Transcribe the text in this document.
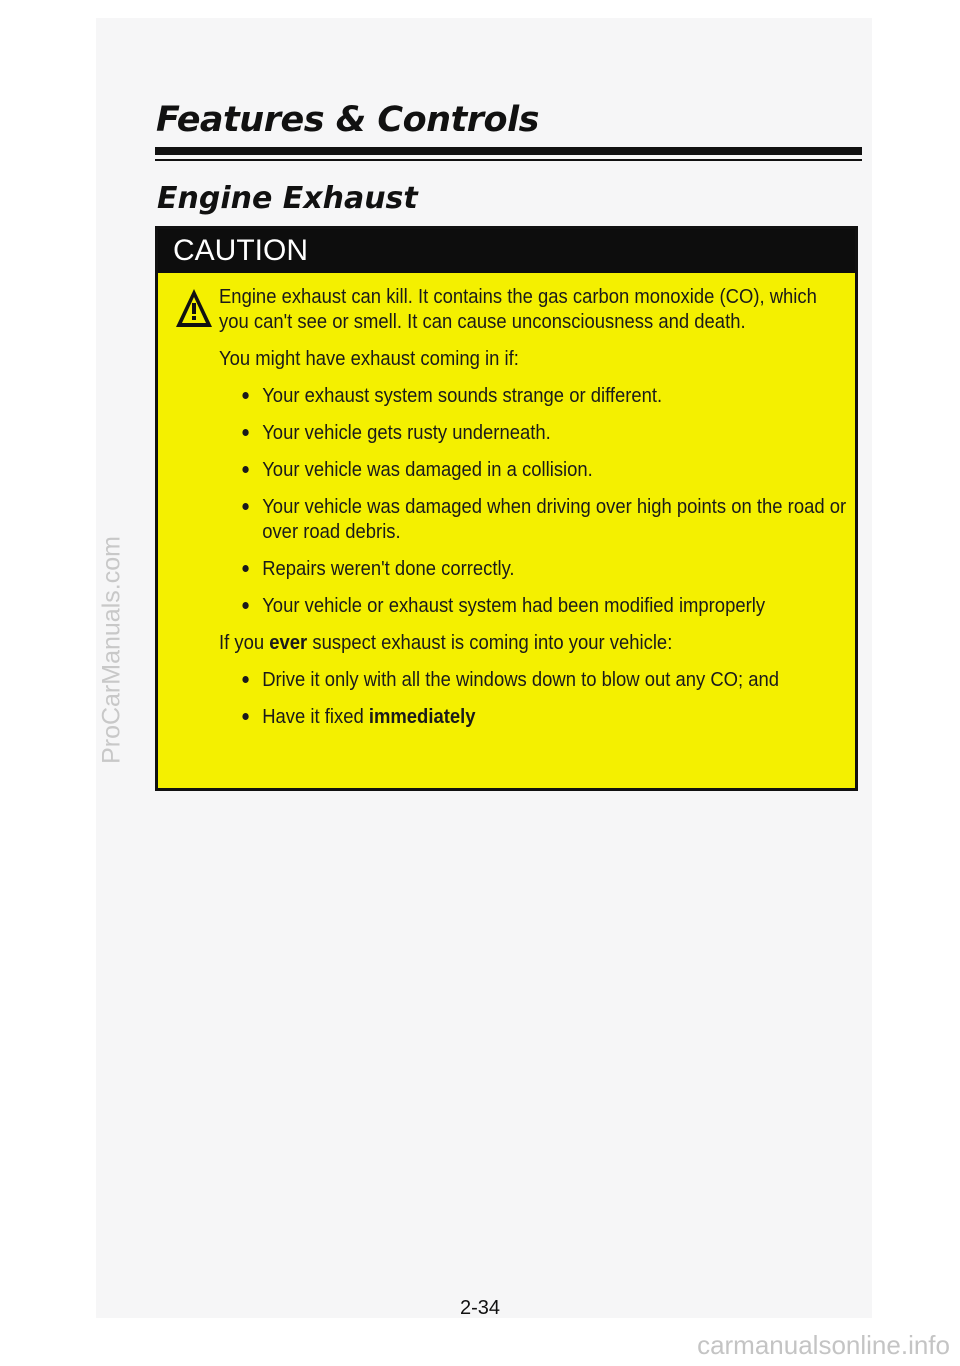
Features & Controls
Engine Exhaust
CAUTION

Engine exhaust can kill. It contains the gas carbon monoxide (CO), which you can't see or smell. It can cause unconsciousness and death.

You might have exhaust coming in if:

Your exhaust system sounds strange or different.
Your vehicle gets rusty underneath.
Your vehicle was damaged in a collision.
Your vehicle was damaged when driving over high points on the road or over road debris.
Repairs weren't done correctly.
Your vehicle or exhaust system had been modified improperly

If you ever suspect exhaust is coming into your vehicle:

Drive it only with all the windows down to blow out any CO; and
Have it fixed immediately
2-34
ProCarManuals.com
carmanualsonline.info
